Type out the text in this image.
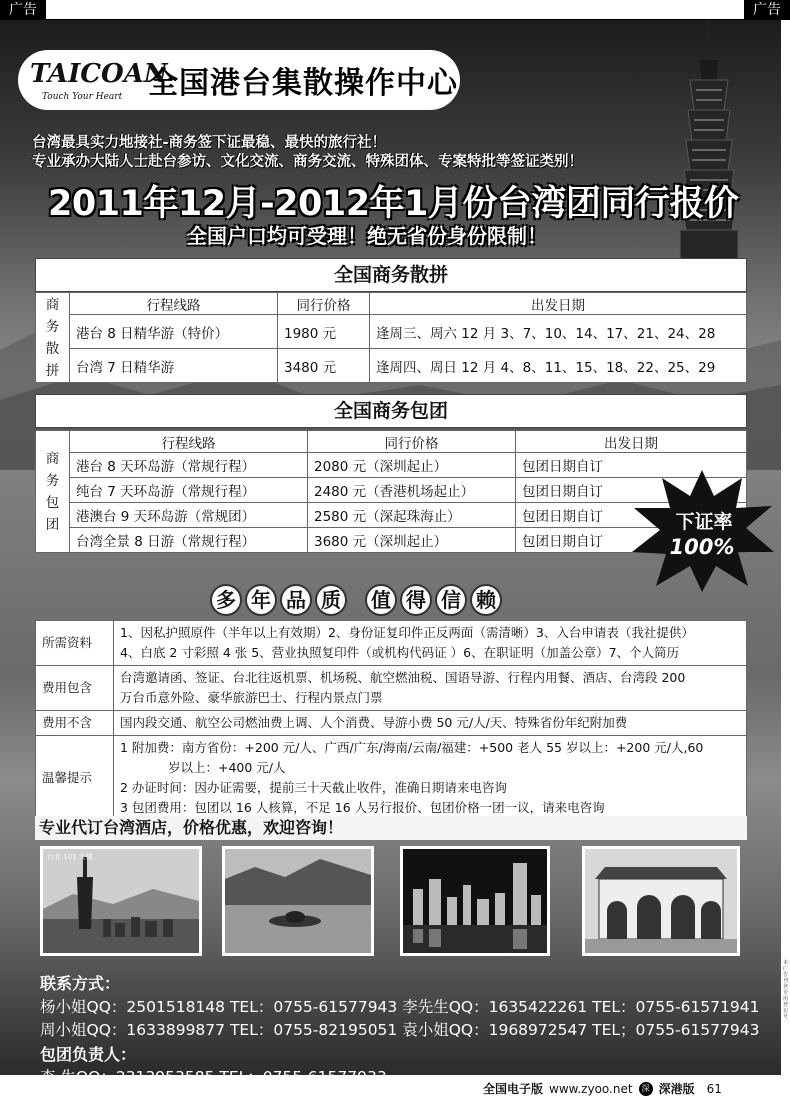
广告	广告
TAICOAN
Touch Your Heart 全国港台集散操作中心
台湾最具实力地接社-商务签下证最稳、最快的旅行社！
专业承办大陆人士赴台参访、文化交流、商务交流、特殊团体、专案特批等签证类别！
2011年12月-2012年1月份台湾团同行报价
全国户口均可受理！绝无省份身份限制！
全国商务散拼
商
务
散
拼	行程线路	同行价格	出发日期
	港台 8 日精华游（特价）	1980 元	逢周三、周六 12 月 3、7、10、14、17、21、24、28
	台湾 7 日精华游	3480 元	逢周四、周日 12 月 4、8、11、15、18、22、25、29
全国商务包团
商
务
包
团	行程线路	同行价格	出发日期
	港台 8 天环岛游（常规行程）	2080 元（深圳起止）	包团日期自订
	纯台 7 天环岛游（常规行程）	2480 元（香港机场起止）	包团日期自订
	港澳台 9 天环岛游（常规团）	2580 元（深起珠海止）	包团日期自订
	台湾全景 8 日游（常规行程）	3680 元（深圳起止）	包团日期自订
下证率
100%
多 年 品 质	值 得 信 赖
所需资料	1、因私护照原件（半年以上有效期）2、身份证复印件正反两面（需清晰）3、入台申请表（我社提供）
4、白底 2 寸彩照 4 张 5、营业执照复印件（或机构代码证 ）6、在职证明（加盖公章）7、个人简历

费用包含	台湾邀请函、签证、台北往返机票、机场税、航空燃油税、国语导游、行程内用餐、酒店、台湾段 200
万台币意外险、豪华旅游巴士、行程内景点门票

费用不含	国内段交通、航空公司燃油费上调、人个消费、导游小费 50 元/人/天、特殊省份年纪附加费

温馨提示	1 附加费：南方省份：+200 元/人、广西/广东/海南/云南/福建：+500 老人 55 岁以上：+200 元/人,60
岁以上：+400 元/人
2 办证时间：因办证需要，提前三十天截止收件，准确日期请来电咨询
3 包团费用：包团以 16 人核算，不足 16 人另行报价、包团价格一团一议，请来电咨询
专业代订台湾酒店，价格优惠，欢迎咨询！
台北 101 大楼
联系方式：
杨小姐QQ：2501518148 TEL：0755-61577943 李先生QQ：1635422261 TEL：0755-61571941
周小姐QQ：1633899877 TEL：0755-82195051 袁小姐QQ：1968972547 TEL；0755-61577943
包团负责人：
李 生QQ：2313953585 TEL：0755-61577933
本广告刊登专用登记号
全国电子版 www.zyoo.net	深 深港版 61
